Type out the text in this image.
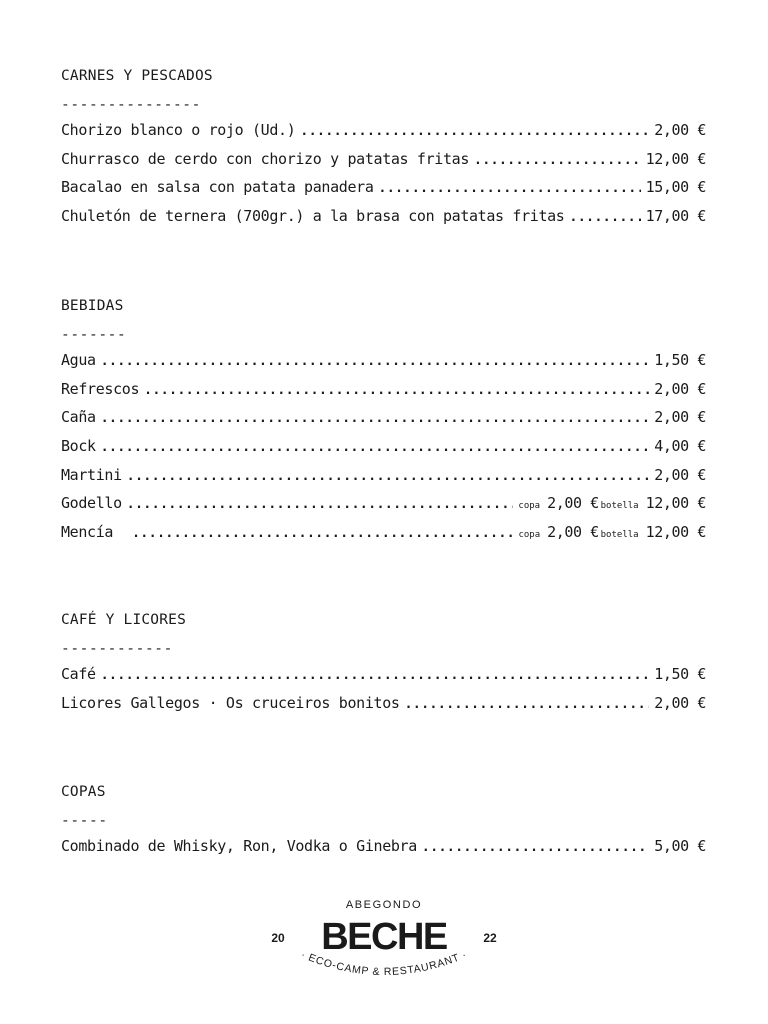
CARNES Y PESCADOS
---------------
Chorizo blanco o rojo (Ud.) .....	2,00 €
Churrasco de cerdo con chorizo y patatas fritas .....	12,00 €
Bacalao en salsa con patata panadera .....	15,00 €
Chuletón de ternera (700gr.) a la brasa con patatas fritas .....	17,00 €
BEBIDAS
-------
Agua .....	1,50 €
Refrescos .....	2,00 €
Caña .....	2,00 €
Bock .....	4,00 €
Martini .....	2,00 €
Godello .....	copa 2,00 € botella 12,00 €
Mencía .....	copa 2,00 € botella 12,00 €
CAFÉ Y LICORES
------------
Café .....	1,50 €
Licores Gallegos · Os cruceiros bonitos .....	2,00 €
COPAS
-----
Combinado de Whisky, Ron, Vodka o Ginebra .....	5,00 €
ABEGONDO
20 BECHE	22
· ECO-CAMP & RESTAURANT ·
